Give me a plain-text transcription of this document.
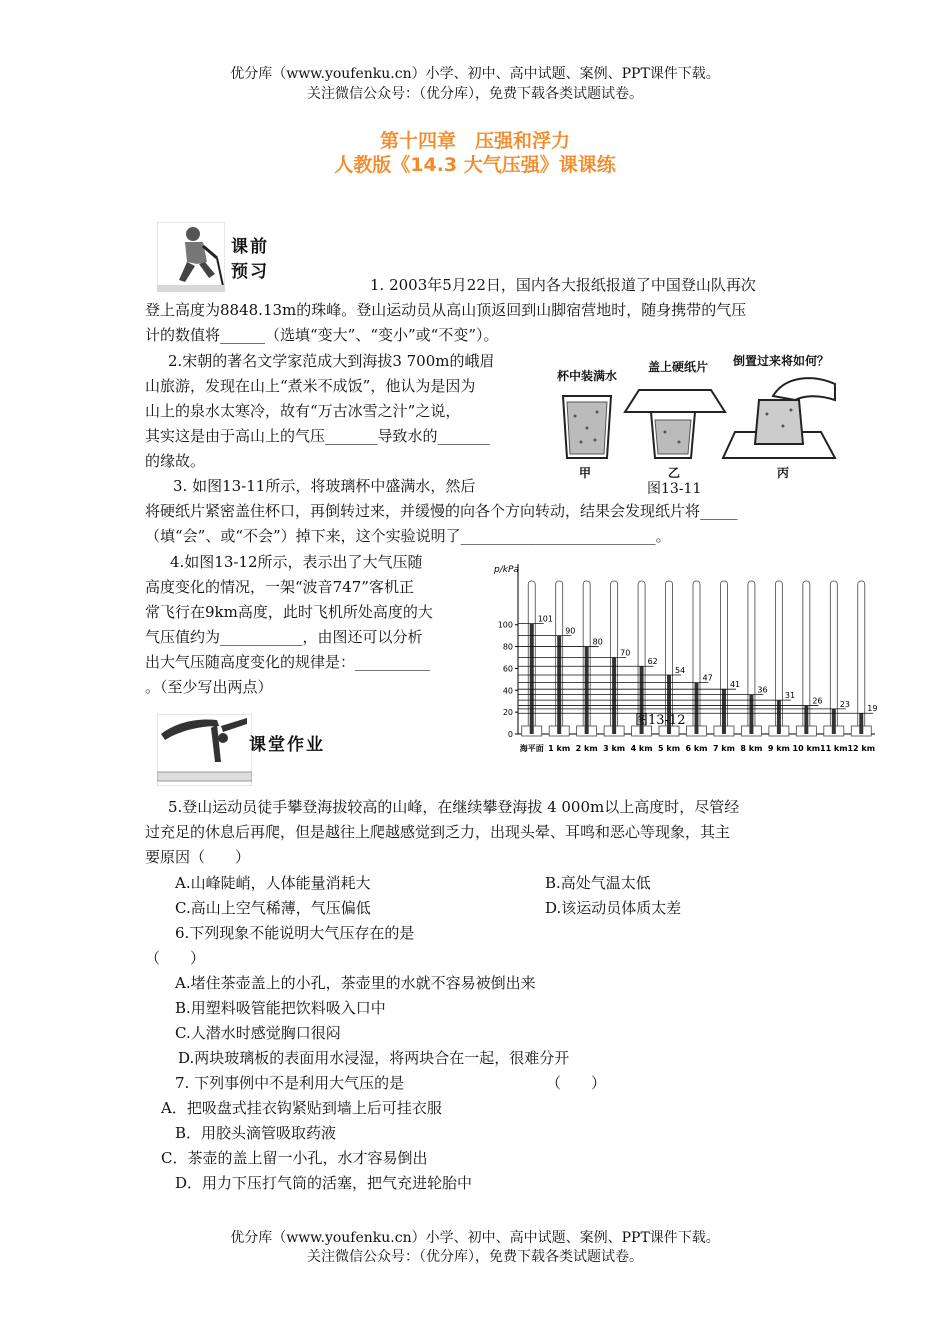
优分库（www.youfenku.cn）小学、初中、高中试题、案例、PPT课件下载。
关注微信公众号：（优分库），免费下载各类试题试卷。
第十四章　压强和浮力
人教版《14.3 大气压强》课课练
课前预习
1. 2003年5月22日，国内各大报纸报道了中国登山队再次
登上高度为8848.13m的珠峰。登山运动员从高山顶返回到山脚宿营地时，随身携带的气压
计的数值将______（选填“变大”、“变小”或“不变”）。
2.宋朝的著名文学家范成大到海拔3 700m的峨眉
山旅游，发现在山上“煮米不成饭”，他认为是因为
山上的泉水太寒冷，故有“万古冰雪之汁”之说，
其实这是由于高山上的气压_______导致水的_______
的缘故。
杯中装满水
盖上硬纸片 倒置过来将如何？
甲	乙	丙
图13-11
3. 如图13-11所示，将玻璃杯中盛满水，然后
将硬纸片紧密盖住杯口，再倒转过来，并缓慢的向各个方向转动，结果会发现纸片将_____
（填“会”、或“不会”）掉下来，这个实验说明了__________________________。
4.如图13-12所示，表示出了大气压随
高度变化的情况，一架“波音747”客机正
常飞行在9km高度，此时飞机所处高度的大
气压值约为___________，由图还可以分析
出大气压随高度变化的规律是：__________
。（至少写出两点）
0
20
40
60
80
100
101
90
80
70
62
54
47
41
36
31
26 23 19
海平面 1 km 2 km 3 km 4 km 5 km 6 km 7 km 8 km 9 km 10 km 11 km 12 km
p/kPa
图13-12
课堂作业
5.登山运动员徒手攀登海拔较高的山峰，在继续攀登海拔 4 000m以上高度时，尽管经
过充足的休息后再爬，但是越往上爬越感觉到乏力，出现头晕、耳鸣和恶心等现象，其主
要原因（　　）
A.山峰陡峭，人体能量消耗大	B.高处气温太低
C.高山上空气稀薄，气压偏低	D.该运动员体质太差
6.下列现象不能说明大气压存在的是
（　　）
A.堵住茶壶盖上的小孔，茶壶里的水就不容易被倒出来
B.用塑料吸管能把饮料吸入口中
C.人潜水时感觉胸口很闷
D.两块玻璃板的表面用水浸湿，将两块合在一起，很难分开
7. 下列事例中不是利用大气压的是	（　　）
A．把吸盘式挂衣钩紧贴到墙上后可挂衣服
B．用胶头滴管吸取药液
C．茶壶的盖上留一小孔，水才容易倒出
D．用力下压打气筒的活塞，把气充进轮胎中
优分库（www.youfenku.cn）小学、初中、高中试题、案例、PPT课件下载。
关注微信公众号：（优分库），免费下载各类试题试卷。
